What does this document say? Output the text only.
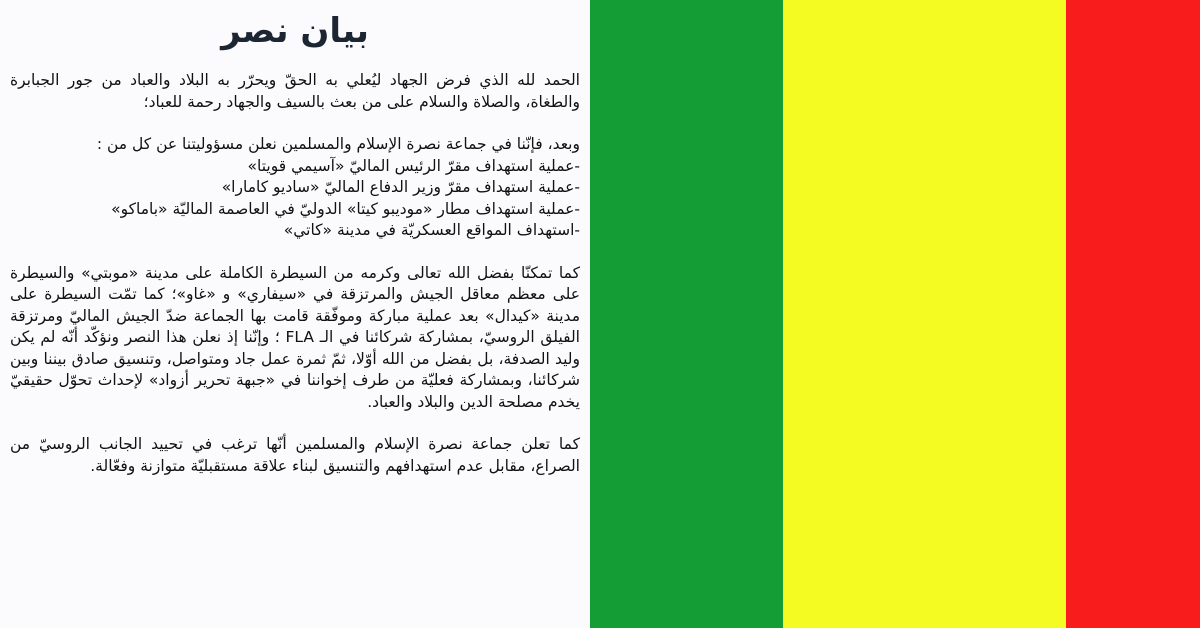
بيان نصر

الحمد لله الذي فرض الجهاد ليُعلي به الحقّ ويحرّر به البلاد والعباد من جور الجبابرة والطغاة، والصلاة والسلام على من بعث بالسيف والجهاد رحمة للعباد؛

وبعد، فإنّنا في جماعة نصرة الإسلام والمسلمين نعلن مسؤوليتنا عن كل من :

-عملية استهداف مقرّ الرئيس الماليّ «آسيمي قويتا»
-عملية استهداف مقرّ وزير الدفاع الماليّ «ساديو كامارا»
-عملية استهداف مطار «موديبو كيتا» الدوليّ في العاصمة الماليّة «باماكو»
-استهداف المواقع العسكريّة في مدينة «كاتي»

كما تمكنّا بفضل الله تعالى وكرمه من السيطرة الكاملة على مدينة «موبتي» والسيطرة على معظم معاقل الجيش والمرتزقة في «سيفاري» و «غاو»؛ كما تمّت السيطرة على مدينة «كيدال» بعد عملية مباركة وموفّقة قامت بها الجماعة ضدّ الجيش الماليّ ومرتزقة الفيلق الروسيّ، بمشاركة شركائنا في الـ FLA ؛ وإنّنا إذ نعلن هذا النصر ونؤكّد أنّه لم يكن وليد الصدفة، بل بفضل من الله أوّلا، ثمّ ثمرة عمل جاد ومتواصل، وتنسيق صادق بيننا وبين شركائنا، وبمشاركة فعليّة من طرف إخواننا في «جبهة تحرير أزواد» لإحداث تحوّل حقيقيّ يخدم مصلحة الدين والبلاد والعباد.

كما تعلن جماعة نصرة الإسلام والمسلمين أنّها ترغب في تحييد الجانب الروسيّ من الصراع، مقابل عدم استهدافهم والتنسيق لبناء علاقة مستقبليّة متوازنة وفعّالة.
